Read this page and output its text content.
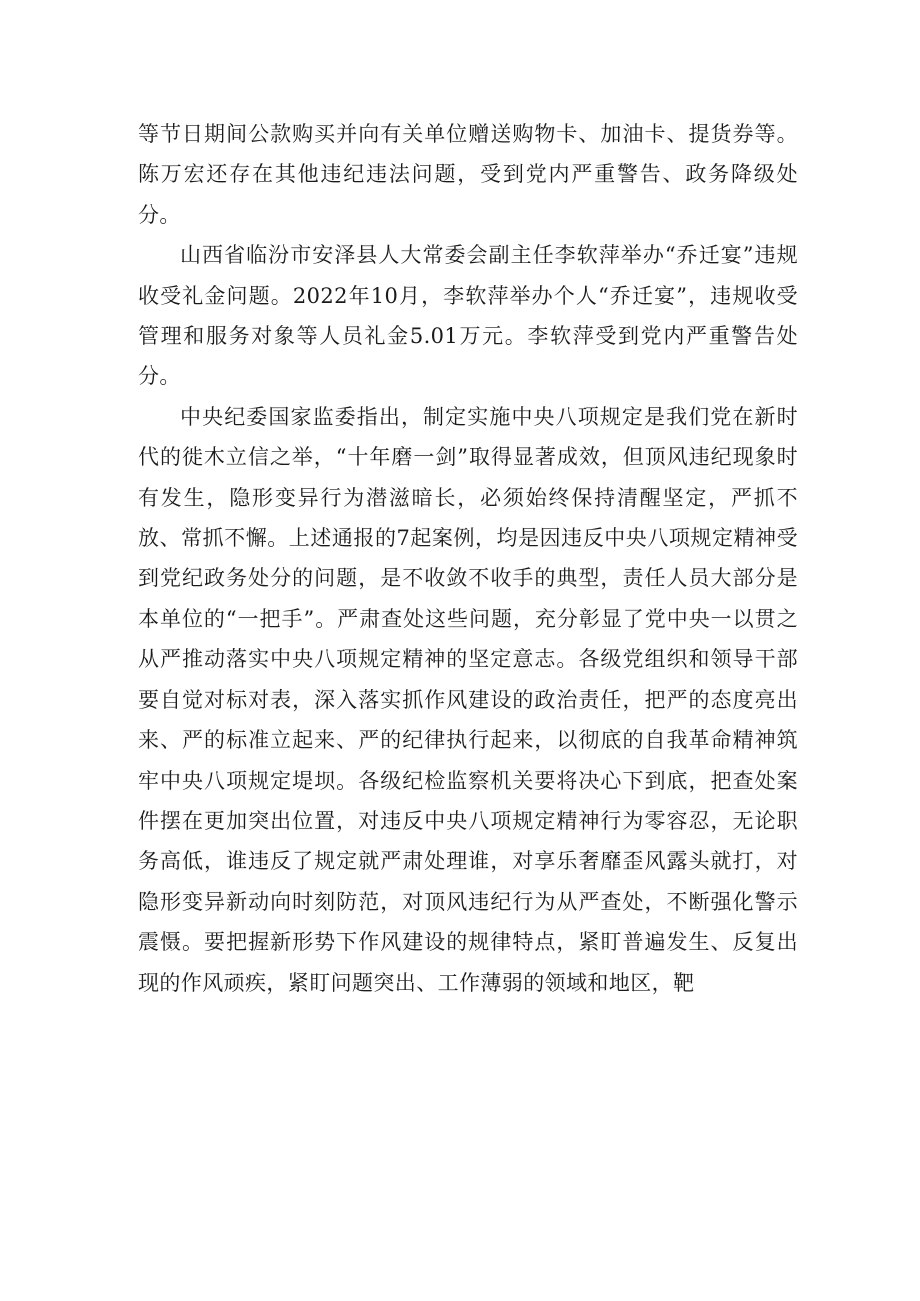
等节日期间公款购买并向有关单位赠送购物卡、加油卡、提货券等。陈万宏还存在其他违纪违法问题，受到党内严重警告、政务降级处分。

山西省临汾市安泽县人大常委会副主任李软萍举办“乔迁宴”违规收受礼金问题。2022年10月，李软萍举办个人“乔迁宴”，违规收受管理和服务对象等人员礼金5.01万元。李软萍受到党内严重警告处分。

中央纪委国家监委指出，制定实施中央八项规定是我们党在新时代的徙木立信之举，“十年磨一剑”取得显著成效，但顶风违纪现象时有发生，隐形变异行为潜滋暗长，必须始终保持清醒坚定，严抓不放、常抓不懈。上述通报的7起案例，均是因违反中央八项规定精神受到党纪政务处分的问题，是不收敛不收手的典型，责任人员大部分是本单位的“一把手”。严肃查处这些问题，充分彰显了党中央一以贯之从严推动落实中央八项规定精神的坚定意志。各级党组织和领导干部要自觉对标对表，深入落实抓作风建设的政治责任，把严的态度亮出来、严的标准立起来、严的纪律执行起来，以彻底的自我革命精神筑牢中央八项规定堤坝。各级纪检监察机关要将决心下到底，把查处案件摆在更加突出位置，对违反中央八项规定精神行为零容忍，无论职务高低，谁违反了规定就严肃处理谁，对享乐奢靡歪风露头就打，对隐形变异新动向时刻防范，对顶风违纪行为从严查处，不断强化警示震慑。要把握新形势下作风建设的规律特点，紧盯普遍发生、反复出现的作风顽疾，紧盯问题突出、工作薄弱的领域和地区，靶
